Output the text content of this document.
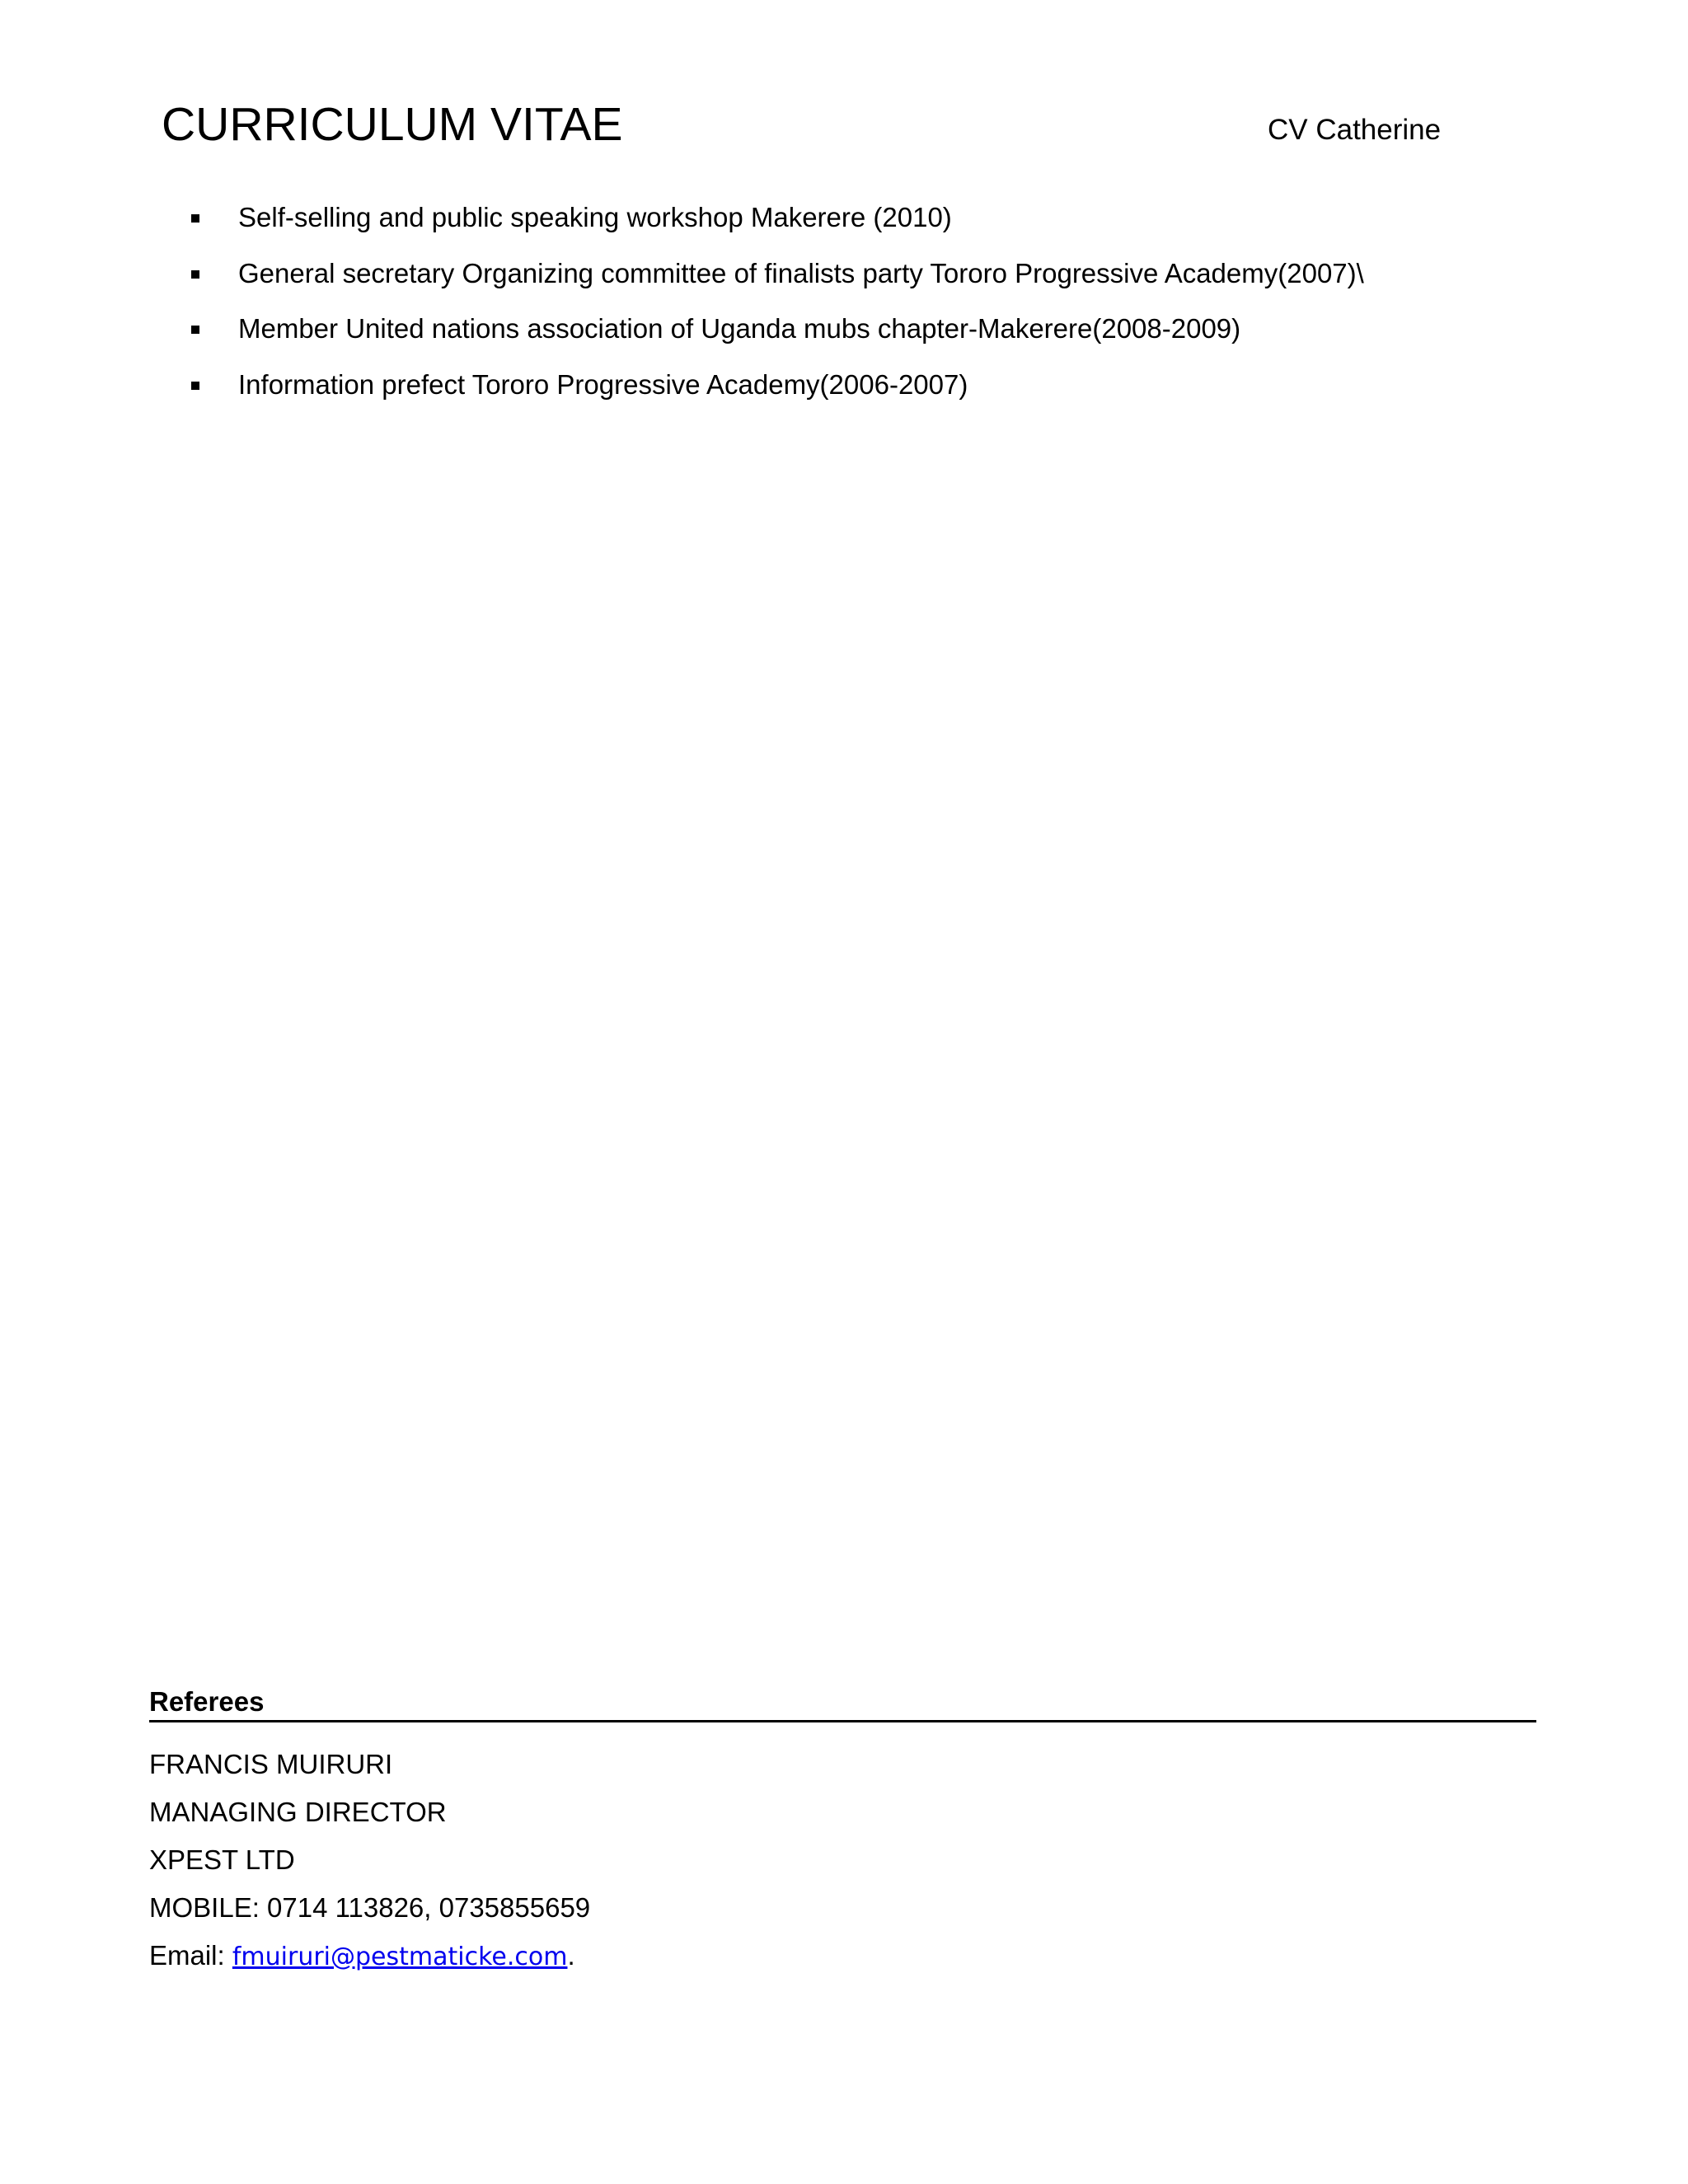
CURRICULUM VITAE	CV Catherine
Self-selling and public speaking workshop Makerere (2010)
General secretary Organizing committee of finalists party Tororo Progressive Academy(2007)\
Member United nations association of Uganda mubs chapter-Makerere(2008-2009)
Information prefect Tororo Progressive Academy(2006-2007)
Referees
FRANCIS MUIRURI
MANAGING DIRECTOR
XPEST LTD
MOBILE: 0714 113826, 0735855659
Email: fmuiruri@pestmaticke.com.
